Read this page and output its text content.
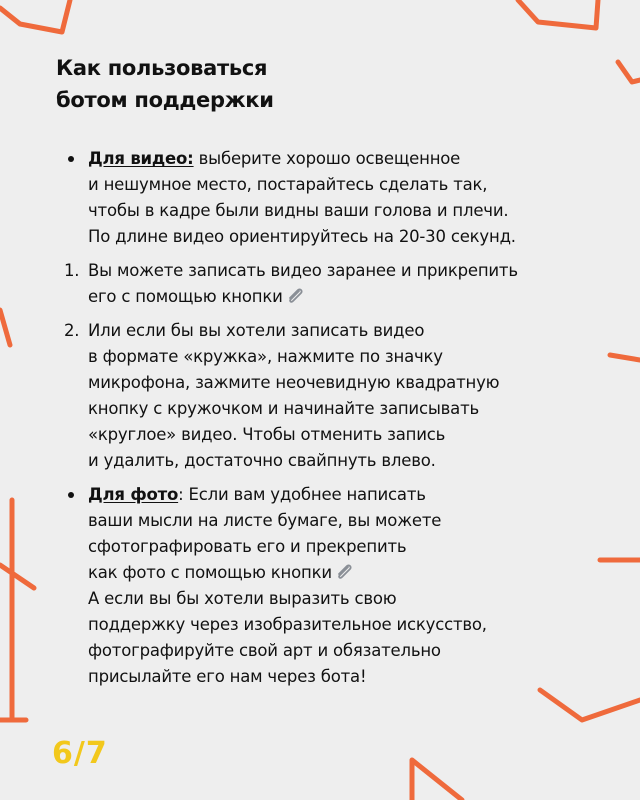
Как пользоваться
ботом поддержки
Для видео: выберите хорошо освещенное
и нешумное место, постарайтесь сделать так,
чтобы в кадре были видны ваши голова и плечи.
По длине видео ориентируйтесь на 20-30 секунд.
1. Вы можете записать видео заранее и прикрепить
его с помощью кнопки
2. Или если бы вы хотели записать видео
в формате «кружка», нажмите по значку
микрофона, зажмите неочевидную квадратную
кнопку с кружочком и начинайте записывать
«круглое» видео. Чтобы отменить запись
и удалить, достаточно свайпнуть влево.
Для фото: Если вам удобнее написать
ваши мысли на листе бумаге, вы можете
сфотографировать его и прекрепить
как фото с помощью кнопки
А если вы бы хотели выразить свою
поддержку через изобразительное искусство,
фотографируйте свой арт и обязательно
присылайте его нам через бота!
6/7
